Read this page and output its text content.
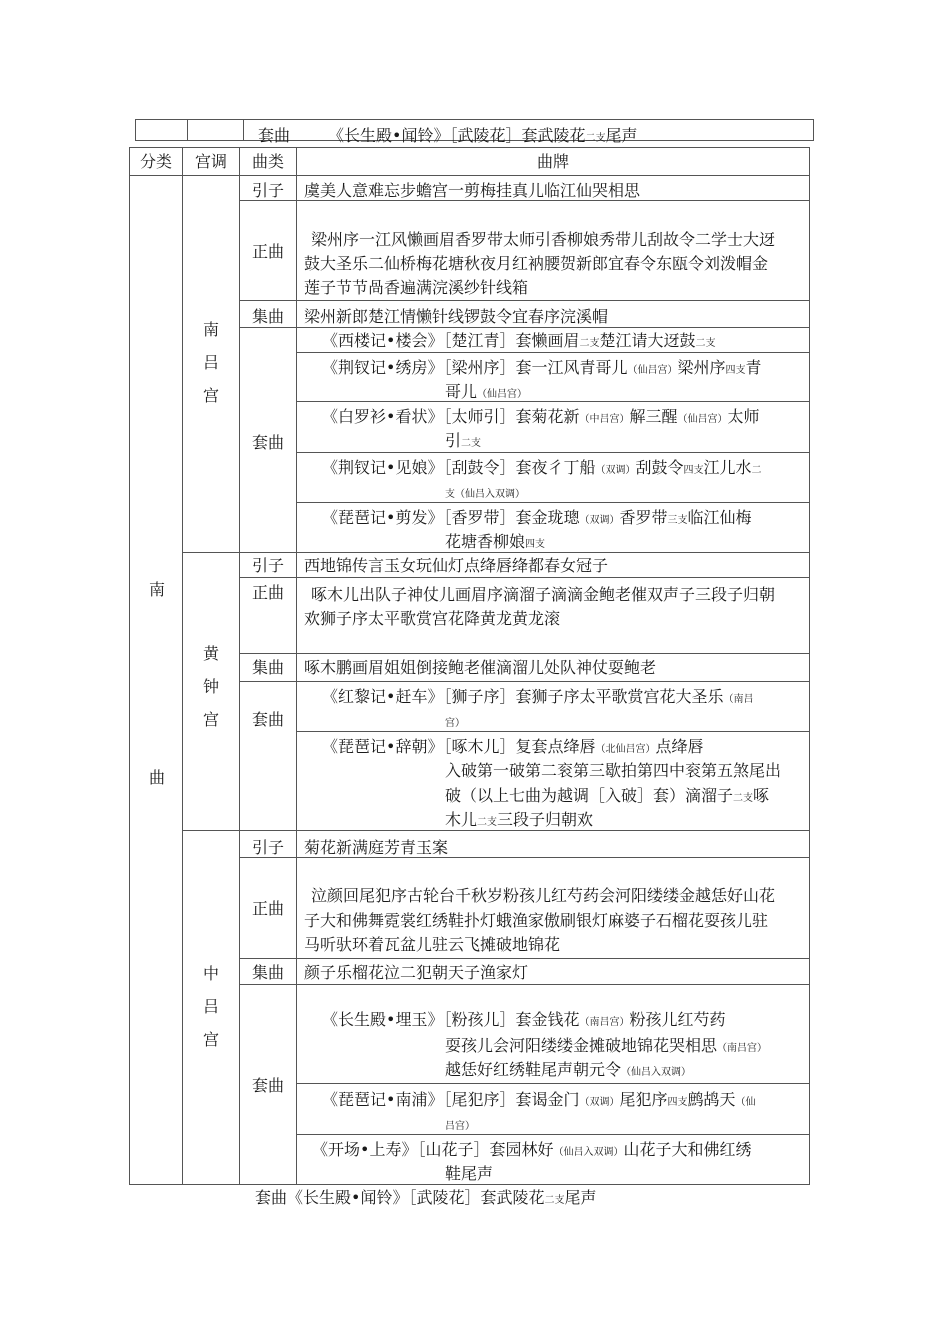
套曲 《长生殿•闻铃》［武陵花］套武陵花二支尾声
分类 宫调 曲类	曲牌
南
曲
南
吕
宫
引子 虞美人意难忘步蟾宫一剪梅挂真儿临江仙哭相思
正曲
梁州序一江风懒画眉香罗带太师引香柳娘秀带儿刮故令二学士大迓
鼓大圣乐二仙桥梅花塘秋夜月红衲腰贺新郎宜春令东瓯令刘泼帽金
莲子节节咼香遍满浣溪纱针线箱
集曲 梁州新郎楚江情懒针线锣鼓令宜春序浣溪帽
套曲
《西楼记•楼会》［楚江青］套懒画眉二支楚江请大迓鼓二支
《荆钗记•绣房》［梁州序］套一江风青哥儿（仙吕宫）梁州序四支青
哥儿（仙吕宫）
《白罗衫•看状》［太师引］套菊花新（中吕宫）解三醒（仙吕宫）太师
引二支
《荆钗记•见娘》［刮鼓令］套夜彳丁船（双调）刮鼓令四支江儿水二
支（仙吕入双调）
《琵琶记•剪发》［香罗带］套金珑璁（双调）香罗带三支临江仙梅
花塘香柳娘四支
黄
钟
宫
引子 西地锦传言玉女玩仙灯点绛唇绛都春女冠子
正曲 啄木儿出队子神仗儿画眉序滴溜子滴滴金鲍老催双声子三段子归朝
欢狮子序太平歌赏宫花降黄龙黄龙滚
集曲 啄木鹏画眉姐姐倒接鲍老催滴溜儿处队神仗耍鲍老
套曲
《红黎记•赶车》［狮子序］套狮子序太平歌赏宫花大圣乐（南吕
宫）
《琵琶记•辞朝》［啄木儿］复套点绛唇（北仙吕宫）点绛唇
入破第一破第二衮第三歇拍第四中衮第五煞尾出
破（以上七曲为越调［入破］套）滴溜子二支啄
木儿二支三段子归朝欢
中
吕
宫
引子 菊花新满庭芳青玉案
正曲
泣颜回尾犯序古轮台千秋岁粉孩儿红芍药会河阳缕缕金越恁好山花
子大和佛舞霓裳红绣鞋扑灯蛾渔家傲刷银灯麻婆子石榴花耍孩儿驻
马听驮环着瓦盆儿驻云飞摊破地锦花
集曲 颜子乐榴花泣二犯朝天子渔家灯
套曲
《长生殿•埋玉》［粉孩儿］套金钱花（南吕宫）粉孩儿红芍药
耍孩儿会河阳缕缕金摊破地锦花哭相思（南吕宫）
越恁好红绣鞋尾声朝元令（仙吕入双调）
《琵琶记•南浦》［尾犯序］套谒金门（双调）尾犯序四支鹧鸪天（仙
吕宫）
《开场•上寿》［山花子］套园林好（仙吕入双调）山花子大和佛红绣
鞋尾声
套曲《长生殿•闻铃》［武陵花］套武陵花二支尾声
